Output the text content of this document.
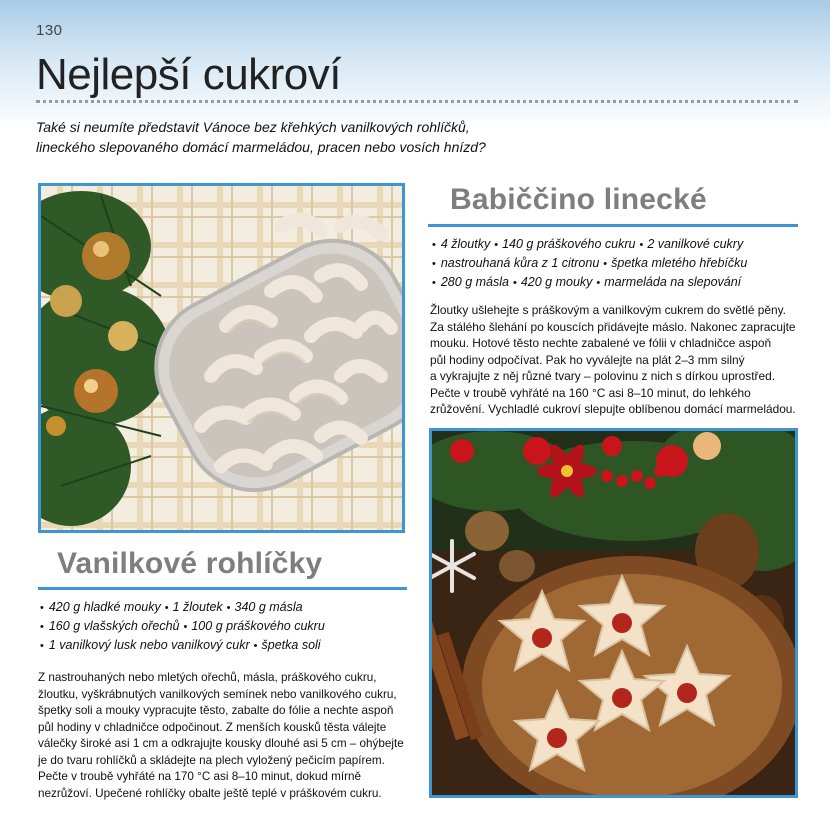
130
Nejlepší cukroví
Také si neumíte představit Vánoce bez křehkých vanilkových rohlíčků,
lineckého slepovaného domácí marmeládou, pracen nebo vosích hnízd?
Babiččino linecké
• 4 žloutky • 140 g práškového cukru • 2 vanilkové cukry
• nastrouhaná kůra z 1 citronu • špetka mletého hřebíčku
• 280 g másla • 420 g mouky • marmeláda na slepování
Žloutky ušlehejte s práškovým a vanilkovým cukrem do světlé pěny.
Za stálého šlehání po kouscích přidávejte máslo. Nakonec zapracujte
mouku. Hotové těsto nechte zabalené ve fólii v chladničce aspoň
půl hodiny odpočívat. Pak ho vyválejte na plát 2–3 mm silný
a vykrajujte z něj různé tvary – polovinu z nich s dírkou uprostřed.
Pečte v troubě vyhřáté na 160 °C asi 8–10 minut, do lehkého
zrůžovění. Vychladlé cukroví slepujte oblíbenou domácí marmeládou.
Vanilkové rohlíčky
• 420 g hladké mouky • 1 žloutek • 340 g másla
• 160 g vlašských ořechů • 100 g práškového cukru
• 1 vanilkový lusk nebo vanilkový cukr • špetka soli
Z nastrouhaných nebo mletých ořechů, másla, práškového cukru,
žloutku, vyškrábnutých vanilkových semínek nebo vanilkového cukru,
špetky soli a mouky vypracujte těsto, zabalte do fólie a nechte aspoň
půl hodiny v chladničce odpočinout. Z menších kousků těsta válejte
válečky široké asi 1 cm a odkrajujte kousky dlouhé asi 5 cm – ohýbejte
je do tvaru rohlíčků a skládejte na plech vyložený pečicím papírem.
Pečte v troubě vyhřáté na 170 °C asi 8–10 minut, dokud mírně
nezrůžoví. Upečené rohlíčky obalte ještě teplé v práškovém cukru.
